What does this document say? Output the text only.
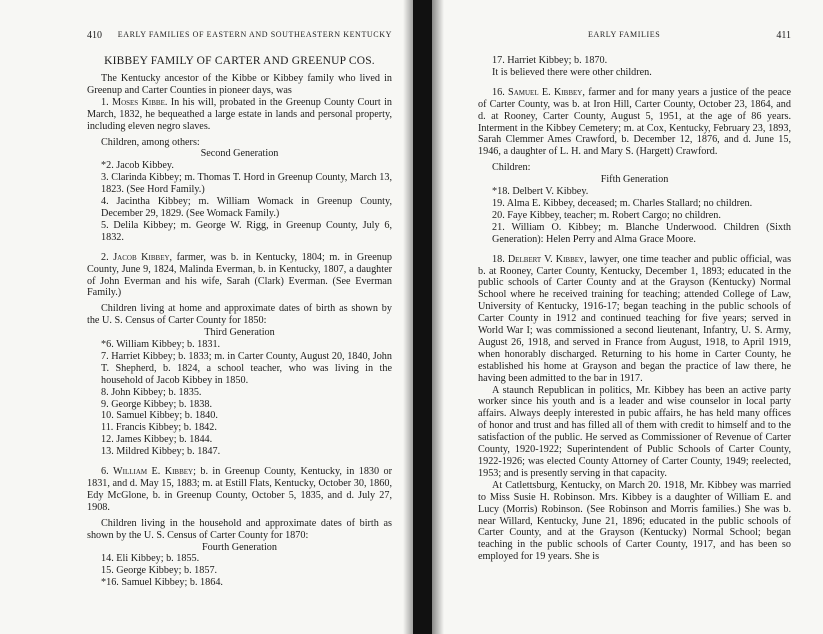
410 EARLY FAMILIES OF EASTERN AND SOUTHEASTERN KENTUCKY
KIBBEY FAMILY OF CARTER AND GREENUP COS.

The Kentucky ancestor of the Kibbe or Kibbey family who lived in Greenup and Carter Counties in pioneer days, was

1. Moses Kibbe. In his will, probated in the Greenup County Court in March, 1832, he bequeathed a large estate in lands and personal property, including eleven negro slaves.

Children, among others:

Second Generation

*2. Jacob Kibbey.

3. Clarinda Kibbey; m. Thomas T. Hord in Greenup County, March 13, 1823. (See Hord Family.)

4. Jacintha Kibbey; m. William Womack in Greenup County, December 29, 1829. (See Womack Family.)

5. Delila Kibbey; m. George W. Rigg, in Greenup County, July 6, 1832.

2. Jacob Kibbey, farmer, was b. in Kentucky, 1804; m. in Greenup County, June 9, 1824, Malinda Everman, b. in Kentucky, 1807, a daughter of John Everman and his wife, Sarah (Clark) Everman. (See Everman Family.)

Children living at home and approximate dates of birth as shown by the U. S. Census of Carter County for 1850:

Third Generation

*6. William Kibbey; b. 1831.

7. Harriet Kibbey; b. 1833; m. in Carter County, August 20, 1840, John T. Shepherd, b. 1824, a school teacher, who was living in the household of Jacob Kibbey in 1850.

8. John Kibbey; b. 1835.

9. George Kibbey; b. 1838.

10. Samuel Kibbey; b. 1840.

11. Francis Kibbey; b. 1842.

12. James Kibbey; b. 1844.

13. Mildred Kibbey; b. 1847.

6. William E. Kibbey; b. in Greenup County, Kentucky, in 1830 or 1831, and d. May 15, 1883; m. at Estill Flats, Kentucky, October 30, 1860, Edy McGlone, b. in Greenup County, October 5, 1835, and d. July 27, 1908.

Children living in the household and approximate dates of birth as shown by the U. S. Census of Carter County for 1870:

Fourth Generation

14. Eli Kibbey; b. 1855.

15. George Kibbey; b. 1857.

*16. Samuel Kibbey; b. 1864.

EARLY FAMILIES	411

17. Harriet Kibbey; b. 1870.

It is believed there were other children.

16. Samuel E. Kibbey, farmer and for many years a justice of the peace of Carter County, was b. at Iron Hill, Carter County, October 23, 1864, and d. at Rooney, Carter County, August 5, 1951, at the age of 86 years. Interment in the Kibbey Cemetery; m. at Cox, Kentucky, February 23, 1893, Sarah Clemmer Ames Crawford, b. December 12, 1876, and d. June 15, 1946, a daughter of L. H. and Mary S. (Hargett) Crawford.

Children:

Fifth Generation

*18. Delbert V. Kibbey.

19. Alma E. Kibbey, deceased; m. Charles Stallard; no children.

20. Faye Kibbey, teacher; m. Robert Cargo; no children.

21. William O. Kibbey; m. Blanche Underwood. Children (Sixth Generation): Helen Perry and Alma Grace Moore.

18. Delbert V. Kibbey, lawyer, one time teacher and public official, was b. at Rooney, Carter County, Kentucky, December 1, 1893; educated in the public schools of Carter County and at the Grayson (Kentucky) Normal School where he received training for teaching; attended College of Law, University of Kentucky, 1916-17; began teaching in the public schools of Carter County in 1912 and continued teaching for five years; served in World War I; was commissioned a second lieutenant, Infantry, U. S. Army, August 26, 1918, and served in France from August, 1918, to April 1919, when honorably discharged. Returning to his home in Carter County, he established his home at Grayson and began the practice of law there, he having been admitted to the bar in 1917.

A staunch Republican in politics, Mr. Kibbey has been an active party worker since his youth and is a leader and wise counselor in local party affairs. Always deeply interested in pubic affairs, he has held many offices of honor and trust and has filled all of them with credit to himself and to the satisfaction of the public. He served as Commissioner of Revenue of Carter County, 1920-1922; Superintendent of Public Schools of Carter County, 1922-1926; was elected County Attorney of Carter County, 1949; reelected, 1953; and is presently serving in that capacity.

At Catlettsburg, Kentucky, on March 20. 1918, Mr. Kibbey was married to Miss Susie H. Robinson. Mrs. Kibbey is a daughter of William E. and Lucy (Morris) Robinson. (See Robinson and Morris families.) She was b. near Willard, Kentucky, June 21, 1896; educated in the public schools of Carter County, and at the Grayson (Kentucky) Normal School; began teaching in the public schools of Carter County, 1917, and has been so employed for 19 years. She is
